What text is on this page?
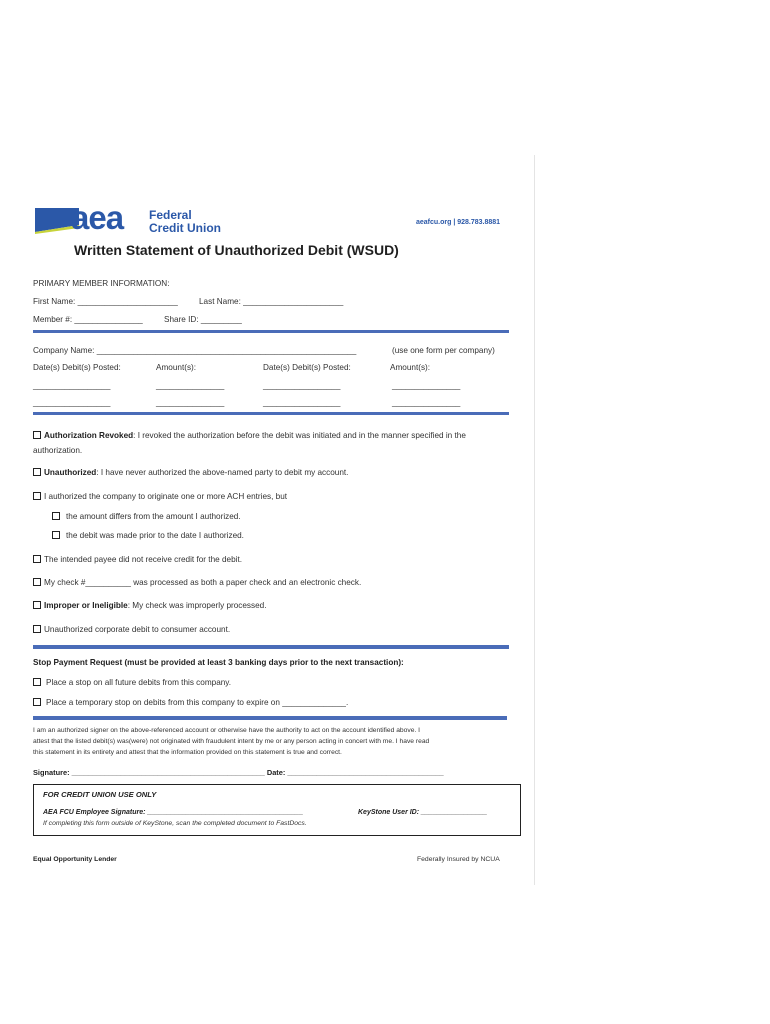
aea Federal
Credit Union	aeafcu.org | 928.783.8881
Written Statement of Unauthorized Debit (WSUD)
PRIMARY MEMBER INFORMATION:
First Name: ______________________	Last Name: ______________________
Member #: _______________	Share ID: _________
Company Name: _________________________________________________________	(use one form per company)
Date(s) Debit(s) Posted:	Amount(s):	Date(s) Debit(s) Posted:	Amount(s):
_________________	_______________	_________________	_______________
_________________	_______________	_________________	_______________
Authorization Revoked: I revoked the authorization before the debit was initiated and in the manner specified in the
authorization.
Unauthorized: I have never authorized the above-named party to debit my account.
I authorized the company to originate one or more ACH entries, but
the amount differs from the amount I authorized.
the debit was made prior to the date I authorized.
The intended payee did not receive credit for the debit.
My check #__________ was processed as both a paper check and an electronic check.
Improper or Ineligible: My check was improperly processed.
Unauthorized corporate debit to consumer account.
Stop Payment Request (must be provided at least 3 banking days prior to the next transaction):
Place a stop on all future debits from this company.
Place a temporary stop on debits from this company to expire on ______________.
I am an authorized signer on the above-referenced account or otherwise have the authority to act on the account identified above. I
attest that the listed debit(s) was(were) not originated with fraudulent intent by me or any person acting in concert with me. I have read
this statement in its entirety and attest that the information provided on this statement is true and correct.
Signature: _______________________________________________ Date: ______________________________________
FOR CREDIT UNION USE ONLY
AEA FCU Employee Signature: ________________________________________	KeyStone User ID: _________________
If completing this form outside of KeyStone, scan the completed document to FastDocs.
Equal Opportunity Lender	Federally Insured by NCUA
